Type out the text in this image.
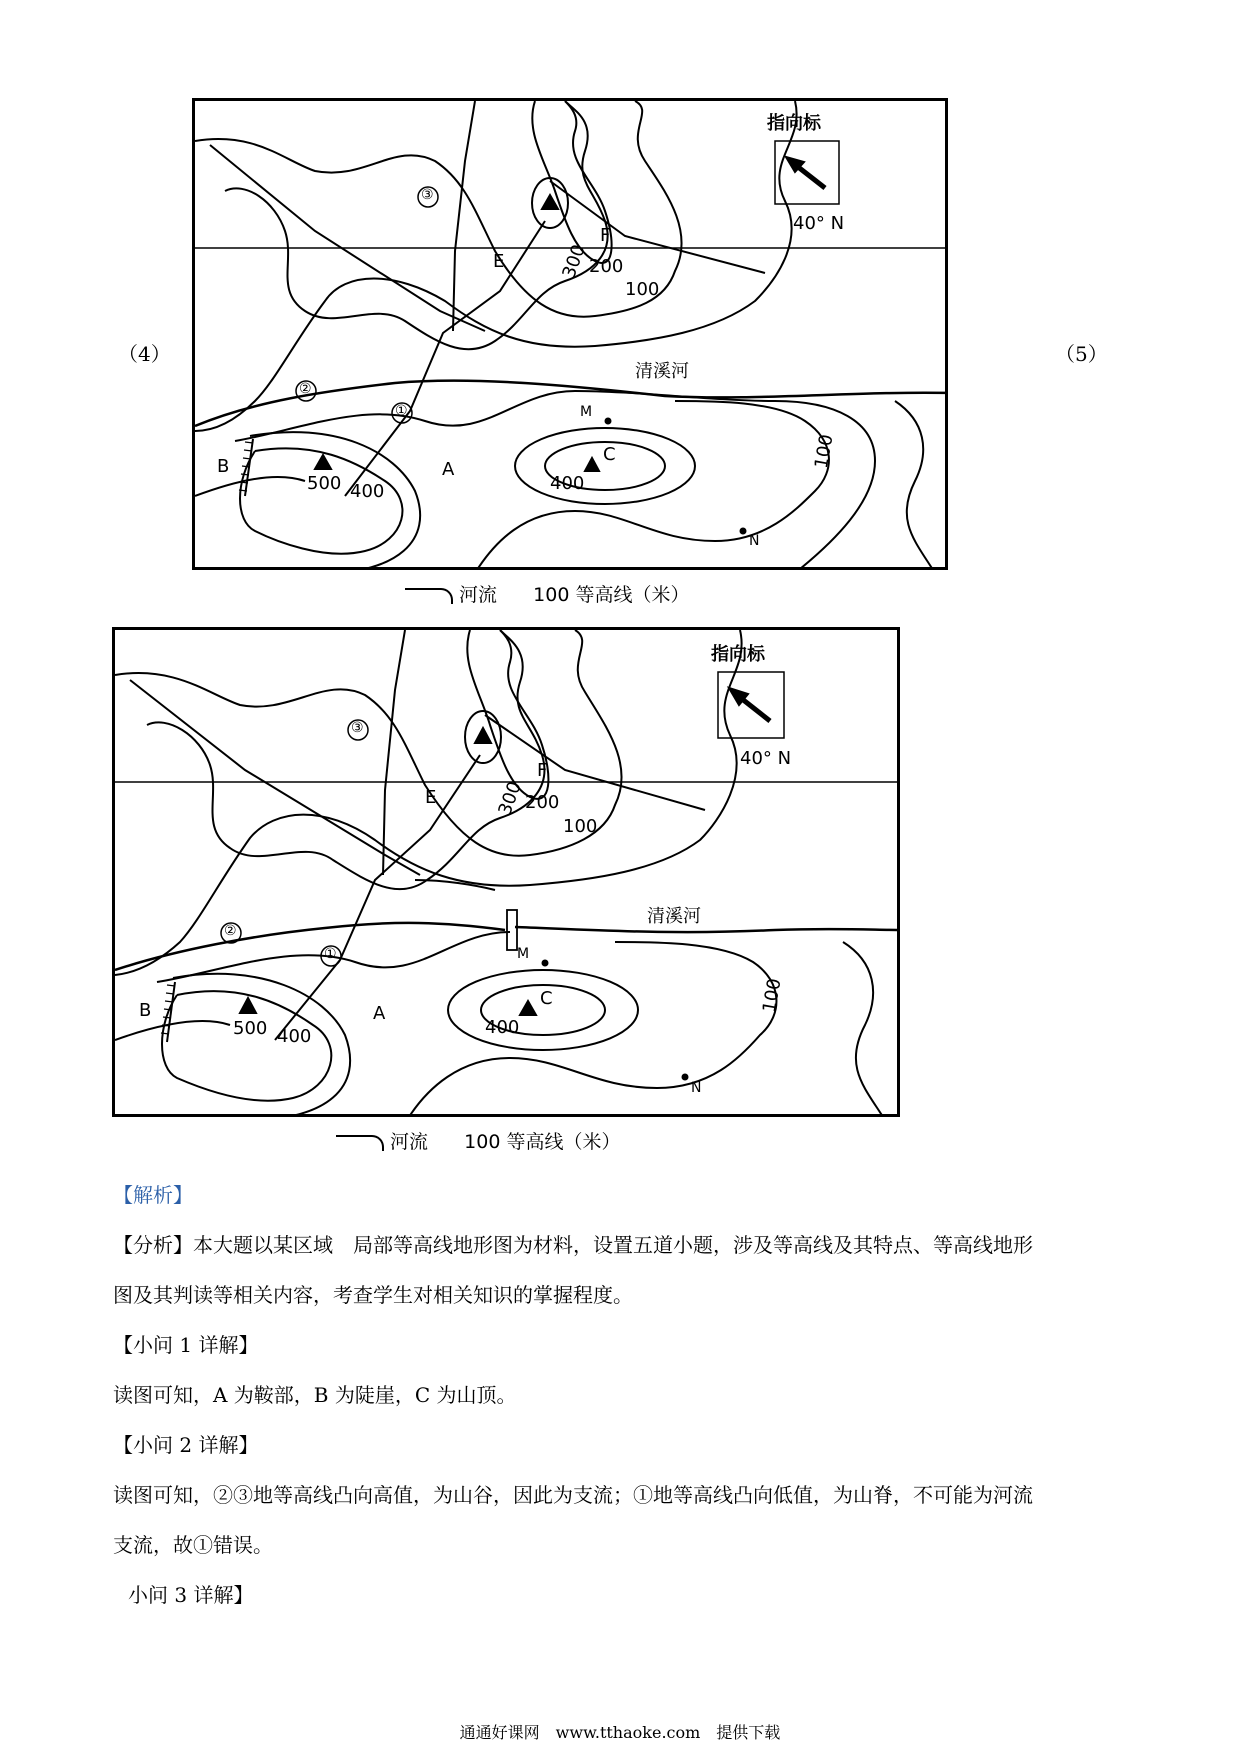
（4）	（5）
指向标
40° N
清溪河
300 200
100
100
500 400	400
A
B
C
E
F
M
N
③
②
①
河流 100 等高线（米）
指向标
40° N
清溪河
300 200
100
100
500 400	400
A
B
C
E
F
M
N
③
②
①
河流 100 等高线（米）
【解析】
【分析】本大题以某区域　局部等高线地形图为材料，设置五道小题，涉及等高线及其特点、等高线地形
图及其判读等相关内容，考查学生对相关知识的掌握程度。
【小问 1 详解】
读图可知，A 为鞍部，B 为陡崖，C 为山顶。
【小问 2 详解】
读图可知，②③地等高线凸向高值，为山谷，因此为支流；①地等高线凸向低值，为山脊，不可能为河流
支流，故①错误。
小问 3 详解】
通通好课网　www.tthaoke.com　提供下载
